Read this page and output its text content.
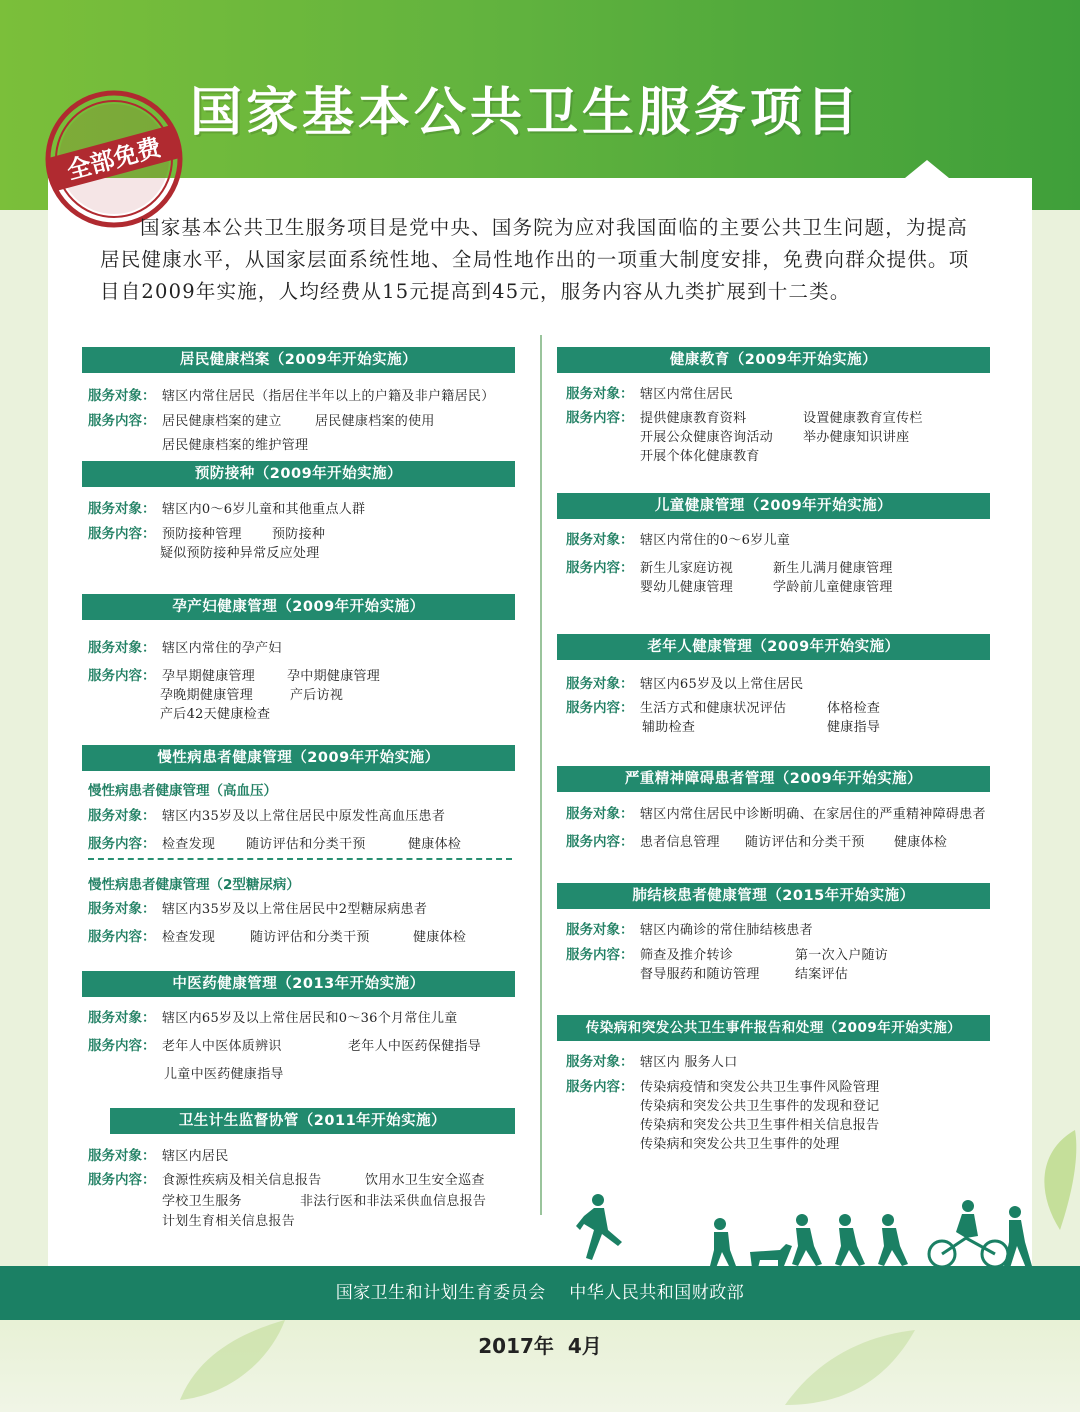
国家基本公共卫生服务项目
全部免费
国家基本公共卫生服务项目是党中央、国务院为应对我国面临的主要公共卫生问题，为提高居民健康水平，从国家层面系统性地、全局性地作出的一项重大制度安排，免费向群众提供。项目自2009年实施，人均经费从15元提高到45元，服务内容从九类扩展到十二类。
居民健康档案（2009年开始实施）
服务对象： 辖区内常住居民（指居住半年以上的户籍及非户籍居民）
服务内容： 居民健康档案的建立	居民健康档案的使用
居民健康档案的维护管理
预防接种（2009年开始实施）
服务对象： 辖区内0～6岁儿童和其他重点人群
服务内容： 预防接种管理 预防接种
疑似预防接种异常反应处理
孕产妇健康管理（2009年开始实施）
服务对象： 辖区内常住的孕产妇
服务内容： 孕早期健康管理 孕中期健康管理
孕晚期健康管理	产后访视
产后42天健康检查
慢性病患者健康管理（2009年开始实施）
慢性病患者健康管理（高血压）
服务对象： 辖区内35岁及以上常住居民中原发性高血压患者
服务内容： 检查发现 随访评估和分类干预	健康体检
慢性病患者健康管理（2型糖尿病）
服务对象： 辖区内35岁及以上常住居民中2型糖尿病患者
服务内容： 检查发现	随访评估和分类干预	健康体检
中医药健康管理（2013年开始实施）
服务对象： 辖区内65岁及以上常住居民和0～36个月常住儿童
服务内容： 老年人中医体质辨识	老年人中医药保健指导
儿童中医药健康指导
卫生计生监督协管（2011年开始实施）
服务对象： 辖区内居民
服务内容： 食源性疾病及相关信息报告	饮用水卫生安全巡查
学校卫生服务	非法行医和非法采供血信息报告
计划生育相关信息报告
健康教育（2009年开始实施）
服务对象： 辖区内常住居民
服务内容： 提供健康教育资料	设置健康教育宣传栏
开展公众健康咨询活动 举办健康知识讲座
开展个体化健康教育
儿童健康管理（2009年开始实施）
服务对象： 辖区内常住的0～6岁儿童
服务内容： 新生儿家庭访视	新生儿满月健康管理
婴幼儿健康管理	学龄前儿童健康管理
老年人健康管理（2009年开始实施）
服务对象： 辖区内65岁及以上常住居民
服务内容： 生活方式和健康状况评估	体格检查
辅助检查	健康指导
严重精神障碍患者管理（2009年开始实施）
服务对象： 辖区内常住居民中诊断明确、在家居住的严重精神障碍患者
服务内容： 患者信息管理 随访评估和分类干预 健康体检
肺结核患者健康管理（2015年开始实施）
服务对象： 辖区内确诊的常住肺结核患者
服务内容： 筛查及推介转诊	第一次入户随访
督导服药和随访管理	结案评估
传染病和突发公共卫生事件报告和处理（2009年开始实施）
服务对象： 辖区内 服务人口
服务内容： 传染病疫情和突发公共卫生事件风险管理
传染病和突发公共卫生事件的发现和登记
传染病和突发公共卫生事件相关信息报告
传染病和突发公共卫生事件的处理
国家卫生和计划生育委员会    中华人民共和国财政部
2017年  4月
